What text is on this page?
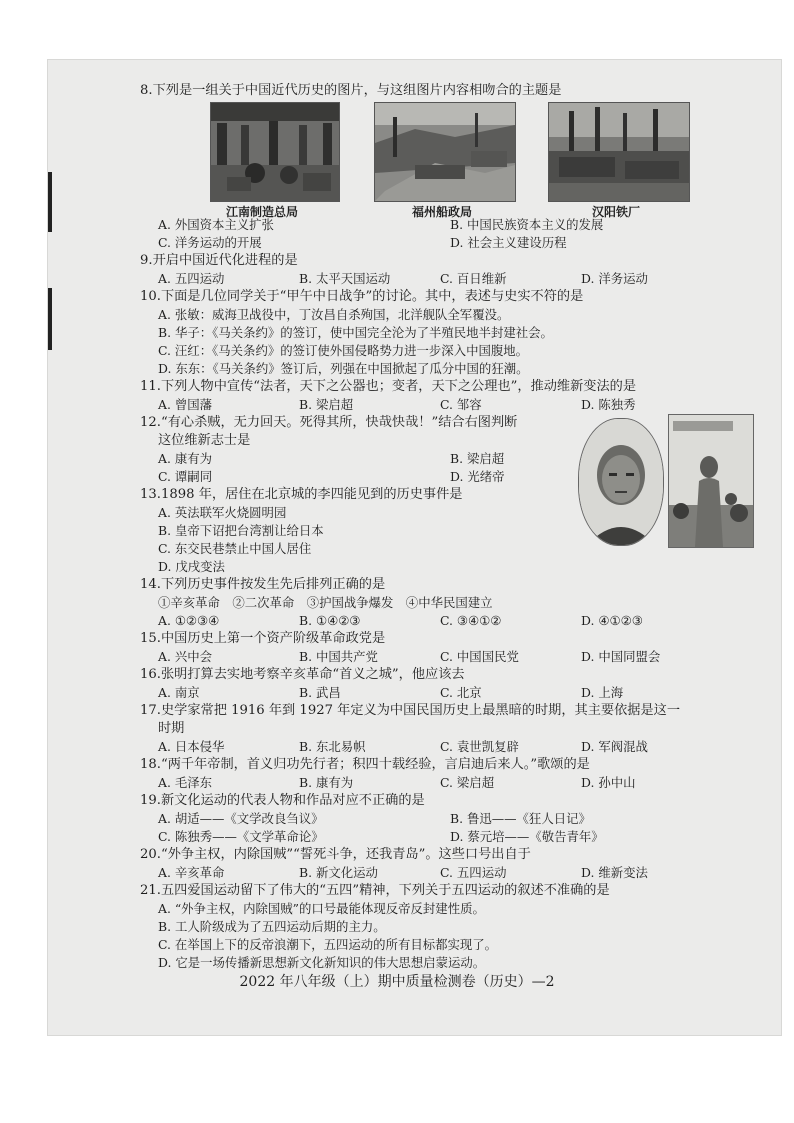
8.下列是一组关于中国近代历史的图片，与这组图片内容相吻合的主题是
江南制造总局	福州船政局	汉阳铁厂
A. 外国资本主义扩张	B. 中国民族资本主义的发展
C. 洋务运动的开展	D. 社会主义建设历程
9.开启中国近代化进程的是
A. 五四运动	B. 太平天国运动	C. 百日维新	D. 洋务运动
10.下面是几位同学关于“甲午中日战争”的讨论。其中，表述与史实不符的是
A. 张敏：威海卫战役中，丁汝昌自杀殉国，北洋舰队全军覆没。
B. 华子：《马关条约》的签订，使中国完全沦为了半殖民地半封建社会。
C. 汪红：《马关条约》的签订使外国侵略势力进一步深入中国腹地。
D. 东东：《马关条约》签订后，列强在中国掀起了瓜分中国的狂潮。
11.下列人物中宣传“法者，天下之公器也；变者，天下之公理也”，推动维新变法的是
A. 曾国藩	B. 梁启超	C. 邹容	D. 陈独秀
12.“有心杀贼，无力回天。死得其所，快哉快哉！”结合右图判断
这位维新志士是
A. 康有为	B. 梁启超
C. 谭嗣同	D. 光绪帝
13.1898 年，居住在北京城的李四能见到的历史事件是
A. 英法联军火烧圆明园
B. 皇帝下诏把台湾割让给日本
C. 东交民巷禁止中国人居住
D. 戊戌变法
14.下列历史事件按发生先后排列正确的是
①辛亥革命　②二次革命　③护国战争爆发　④中华民国建立
A. ①②③④	B. ①④②③	C. ③④①②	D. ④①②③
15.中国历史上第一个资产阶级革命政党是
A. 兴中会	B. 中国共产党	C. 中国国民党	D. 中国同盟会
16.张明打算去实地考察辛亥革命“首义之城”，他应该去
A. 南京	B. 武昌	C. 北京	D. 上海
17.史学家常把 1916 年到 1927 年定义为中国民国历史上最黑暗的时期，其主要依据是这一
时期
A. 日本侵华	B. 东北易帜	C. 袁世凯复辟	D. 军阀混战
18.“两千年帝制，首义归功先行者；积四十载经验，言启迪后来人。”歌颂的是
A. 毛泽东	B. 康有为	C. 梁启超	D. 孙中山
19.新文化运动的代表人物和作品对应不正确的是
A. 胡适——《文学改良刍议》	B. 鲁迅——《狂人日记》
C. 陈独秀——《文学革命论》	D. 蔡元培——《敬告青年》
20.“外争主权，内除国贼”“誓死斗争，还我青岛”。这些口号出自于
A. 辛亥革命	B. 新文化运动	C. 五四运动	D. 维新变法
21.五四爱国运动留下了伟大的“五四”精神，下列关于五四运动的叙述不准确的是
A. “外争主权，内除国贼”的口号最能体现反帝反封建性质。
B. 工人阶级成为了五四运动后期的主力。
C. 在举国上下的反帝浪潮下，五四运动的所有目标都实现了。
D. 它是一场传播新思想新文化新知识的伟大思想启蒙运动。
2022 年八年级（上）期中质量检测卷（历史）—2
